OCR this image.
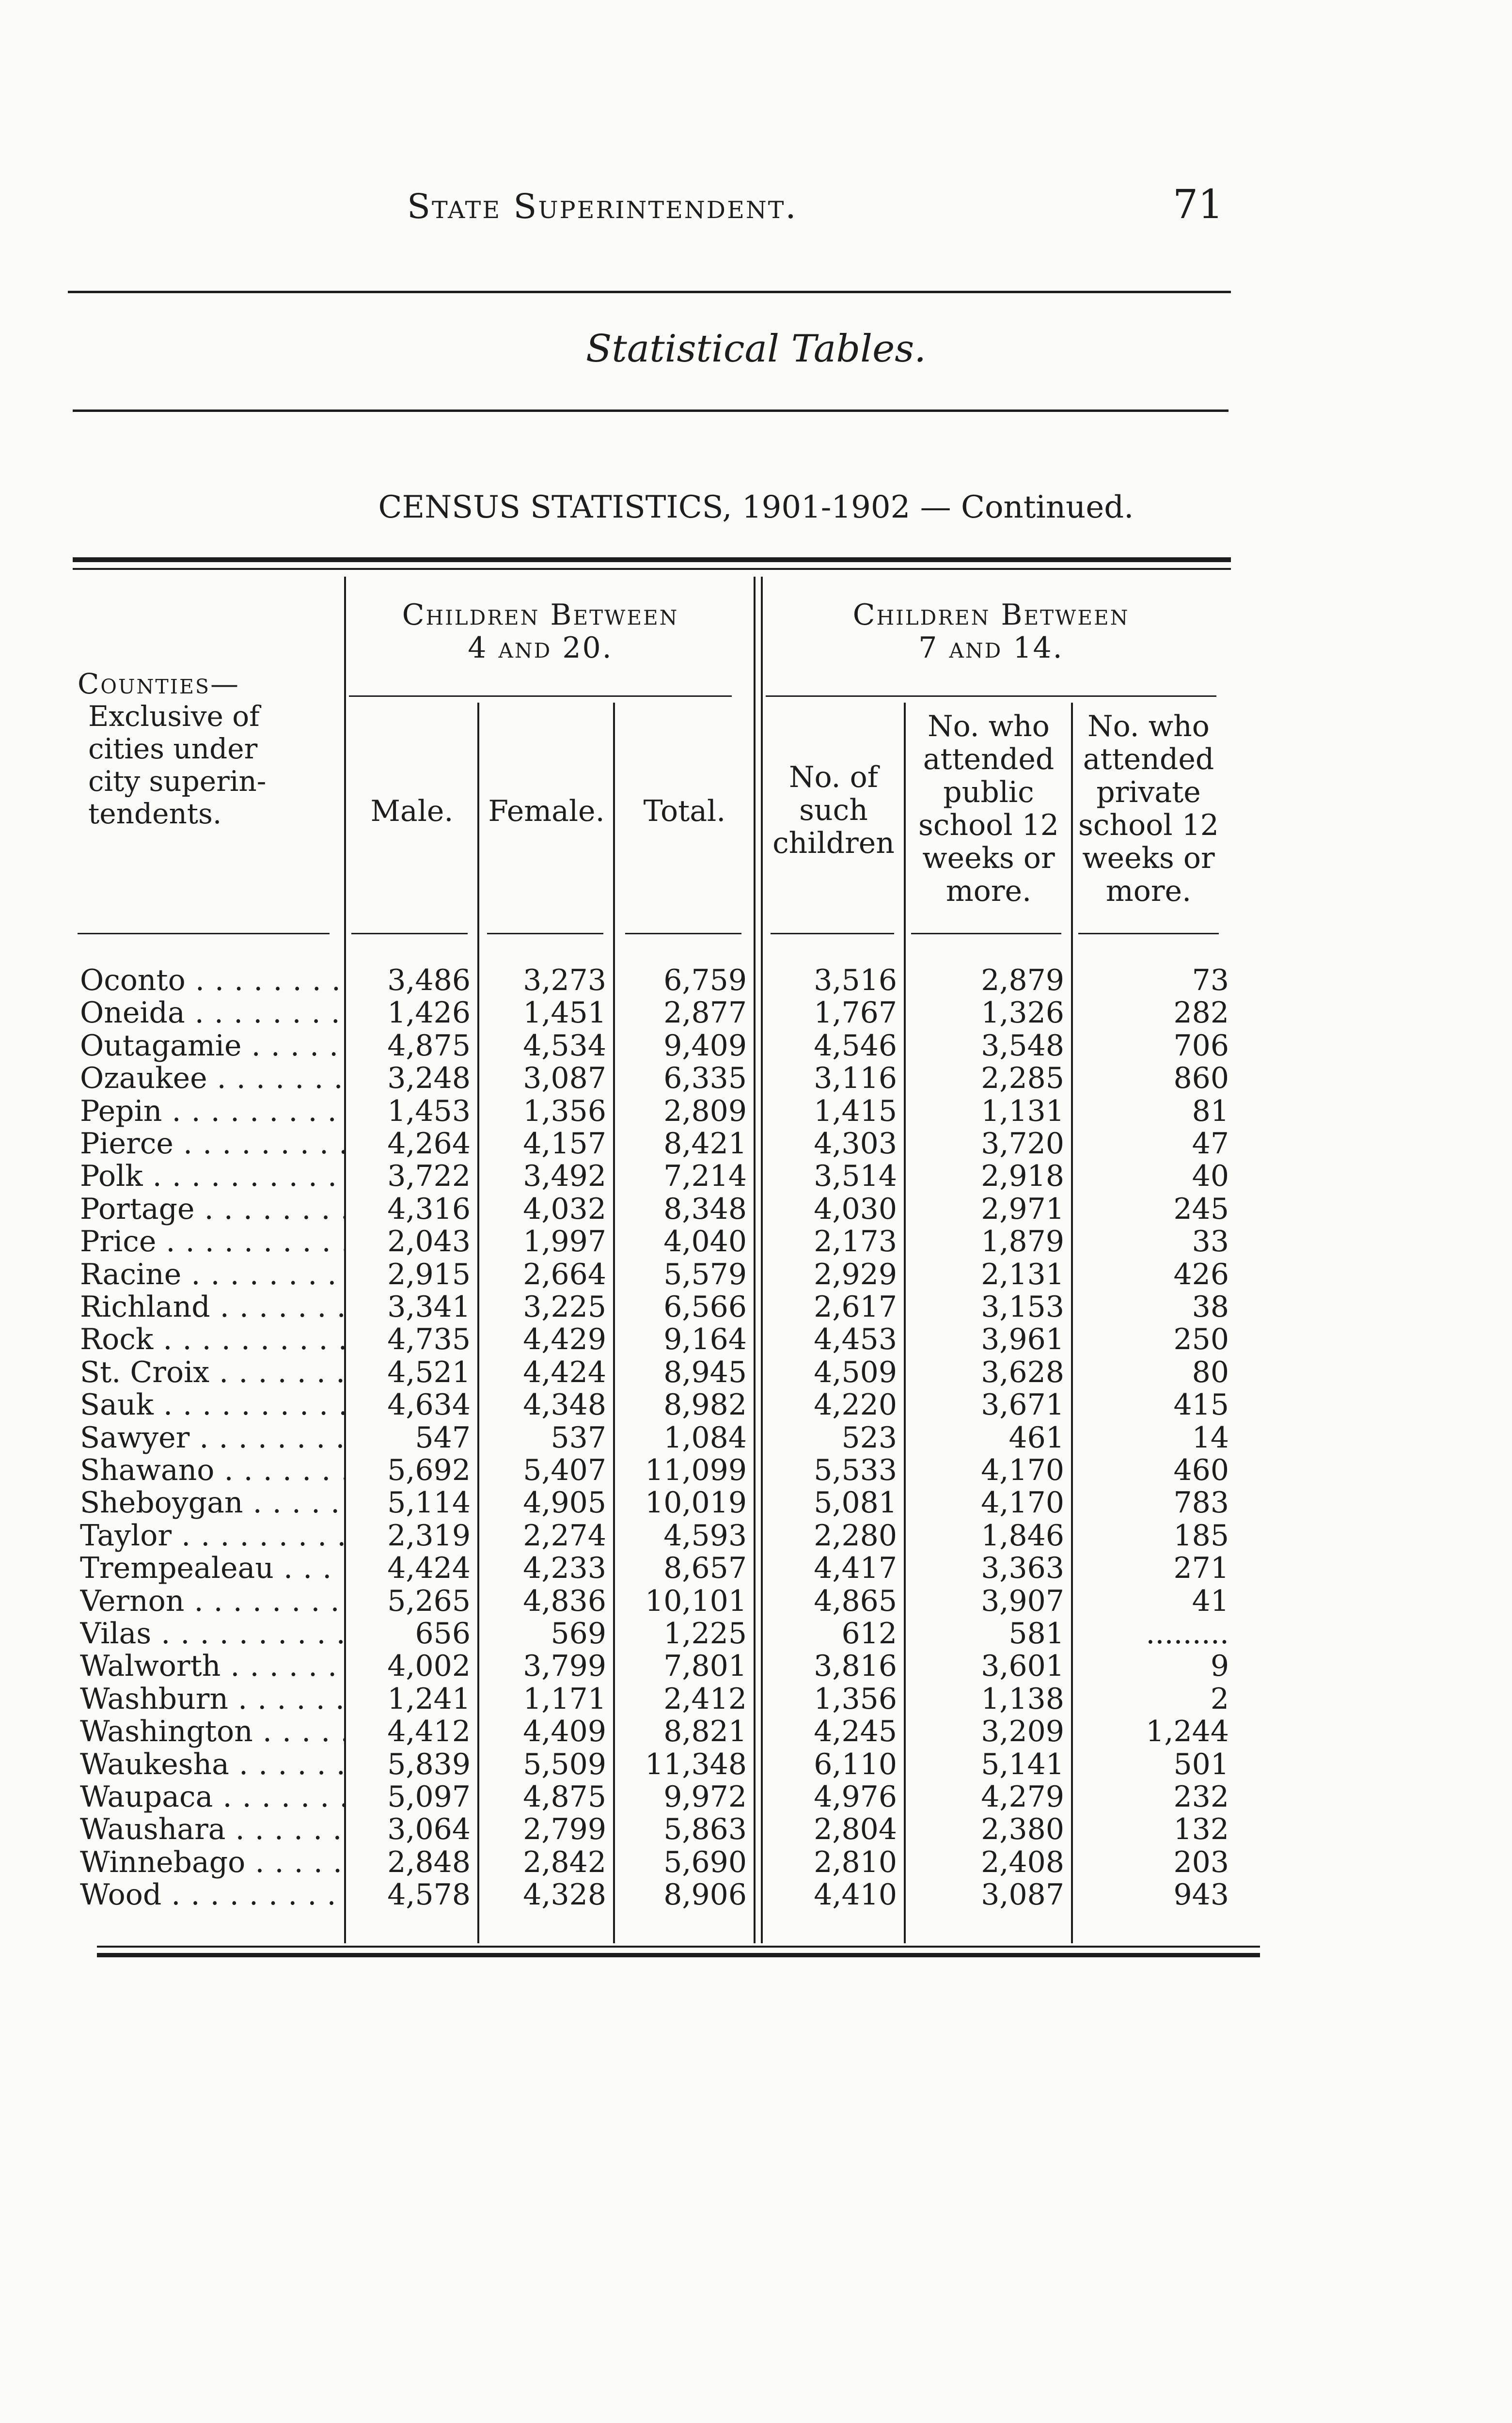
State Superintendent.	71
Statistical Tables.
CENSUS STATISTICS, 1901-1902 — Continued.
Counties—
Exclusive of
cities under
city superin-
tendents.
Children Between
4 and 20.
Children Between
7 and 14.
Male.	Female.	Total.
No. of
such
children
No. who
attended
public
school 12
weeks or
more.
No. who
attended
private
school 12
weeks or
more.
Oconto . . .	3,486 3,273 6,759 3,516	2,879	73
Oneida . . .	1,426 1,451 2,877 1,767	1,326	282
Outagamie . . .	4,875 4,534 9,409 4,546	3,548	706
Ozaukee . . .	3,248 3,087 6,335 3,116	2,285	860
Pepin . . .	1,453 1,356 2,809 1,415	1,131	81
Pierce . . .	4,264 4,157 8,421 4,303	3,720	47
Polk . . .	3,722 3,492 7,214 3,514	2,918	40
Portage . . .	4,316 4,032 8,348 4,030	2,971	245
Price . . .	2,043 1,997 4,040 2,173	1,879	33
Racine . . .	2,915 2,664 5,579 2,929	2,131	426
Richland . . .	3,341 3,225 6,566 2,617	3,153	38
Rock . . .	4,735 4,429 9,164 4,453	3,961	250
St. Croix . . .	4,521 4,424 8,945 4,509	3,628	80
Sauk . . .	4,634 4,348 8,982 4,220	3,671	415
Sawyer . . .	547	537 1,084	523	461	14
Shawano . . .	5,692 5,407 11,099 5,533	4,170	460
Sheboygan . . .	5,114 4,905 10,019 5,081	4,170	783
Taylor . . .	2,319 2,274 4,593 2,280	1,846	185
Trempealeau . . .	4,424 4,233 8,657 4,417	3,363	271
Vernon . . .	5,265 4,836 10,101 4,865	3,907	41
Vilas . . .	656	569 1,225	612	581	.........
Walworth . . .	4,002 3,799 7,801 3,816	3,601	9
Washburn . . .	1,241 1,171 2,412 1,356	1,138	2
Washington . . .	4,412 4,409 8,821 4,245	3,209	1,244
Waukesha . . .	5,839 5,509 11,348 6,110	5,141	501
Waupaca . . .	5,097 4,875 9,972 4,976	4,279	232
Waushara . . .	3,064 2,799 5,863 2,804	2,380	132
Winnebago . . .	2,848 2,842 5,690 2,810	2,408	203
Wood . . .	4,578 4,328 8,906 4,410	3,087	943
